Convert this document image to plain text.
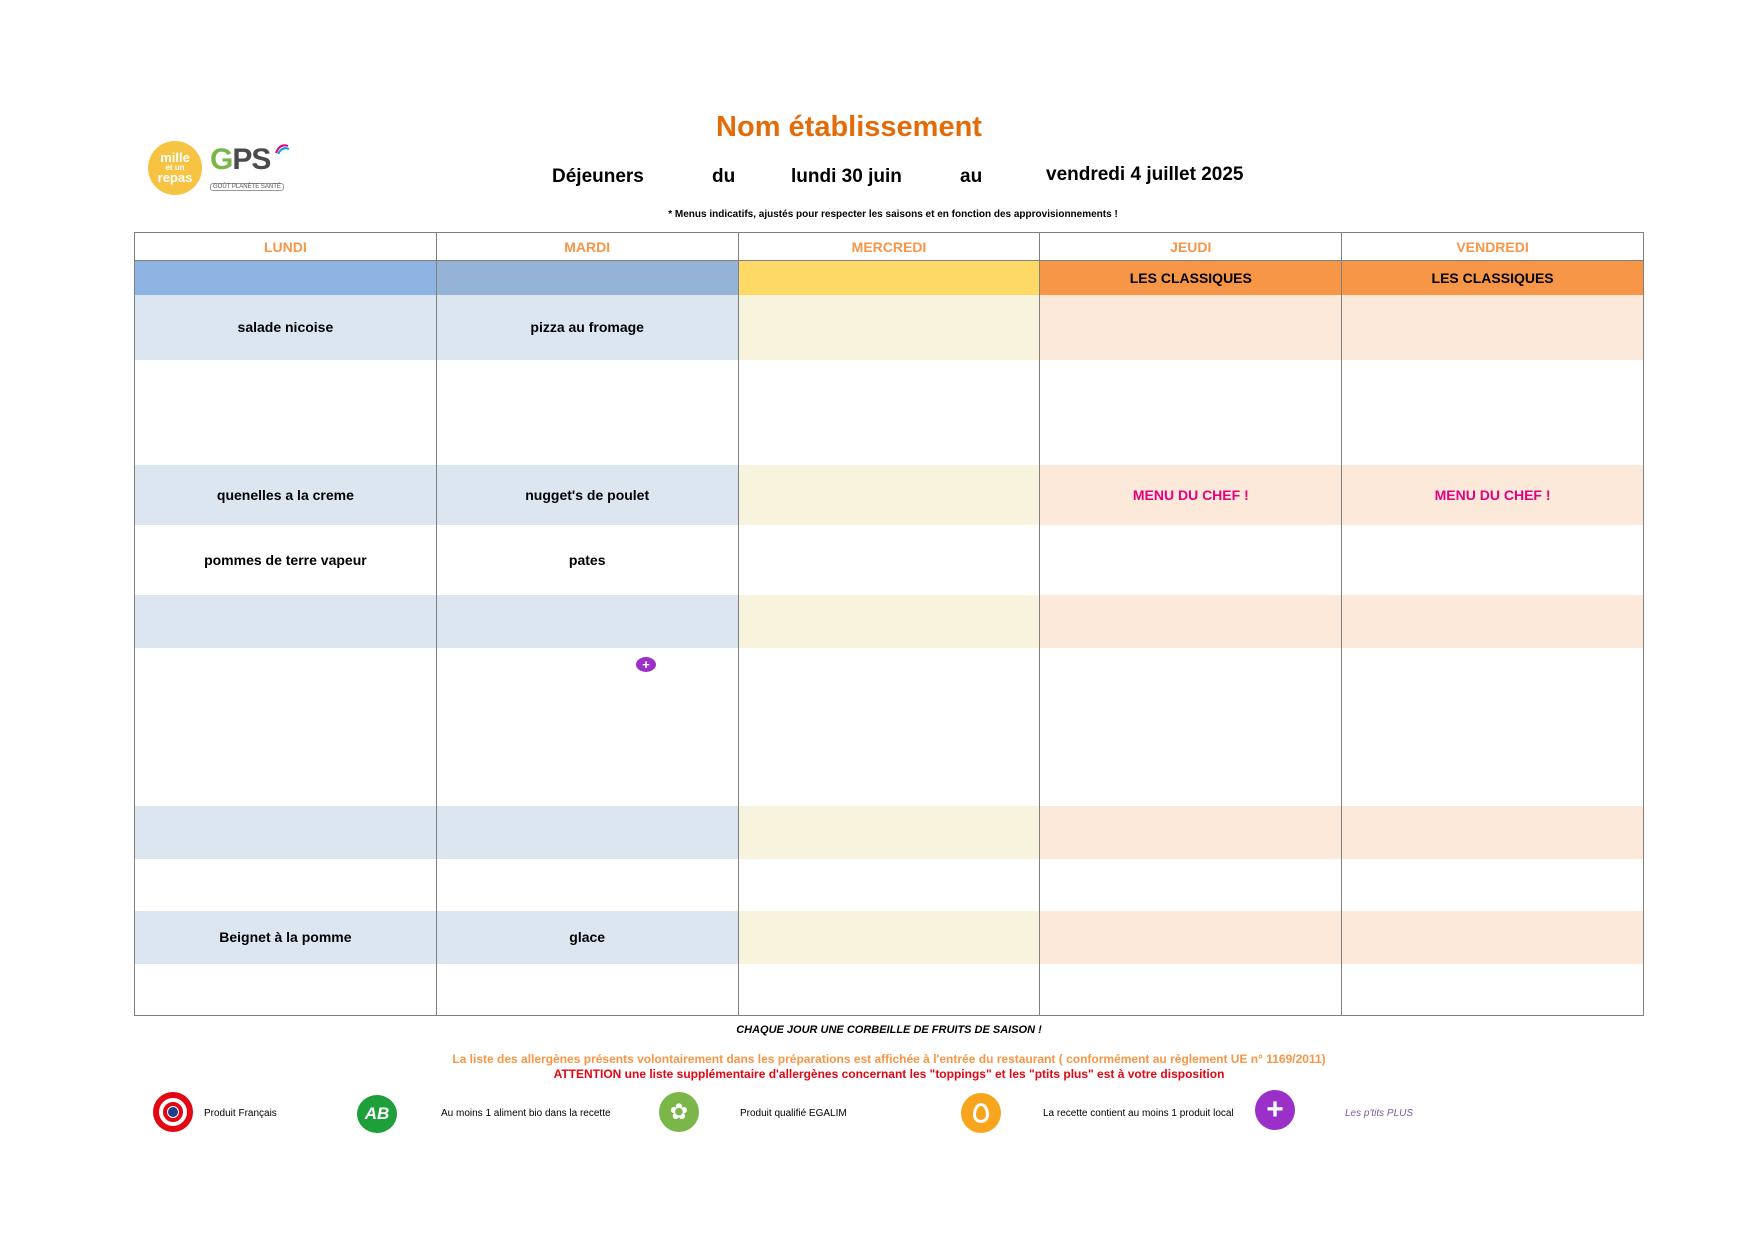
mille
et un
repas
GPS
GOÛT PLANÈTE SANTÉ
Nom établissement
Déjeuners	du	lundi 30 juin	au	vendredi 4 juillet 2025
* Menus indicatifs, ajustés pour respecter les saisons et en fonction des approvisionnements !
LUNDI	MARDI	MERCREDI	JEUDI	VENDREDI
			LES CLASSIQUES	LES CLASSIQUES
salade nicoise	pizza au fromage			

quenelles a la creme	nugget's de poulet		MENU DU CHEF !	MENU DU CHEF !
pommes de terre vapeur	pates			

Beignet à la pomme	glace			

+
CHAQUE JOUR UNE CORBEILLE DE FRUITS DE SAISON !
La liste des allergènes présents volontairement dans les préparations est affichée à l'entrée du restaurant ( conformément au règlement UE n° 1169/2011)
ATTENTION une liste supplémentaire d'allergènes concernant les "toppings" et les "ptits plus" est à votre disposition
Produit Français	AB	Au moins 1 aliment bio dans la recette	✿	Produit qualifié EGALIM	La recette contient au moins 1 produit local	+	Les p'tits PLUS
